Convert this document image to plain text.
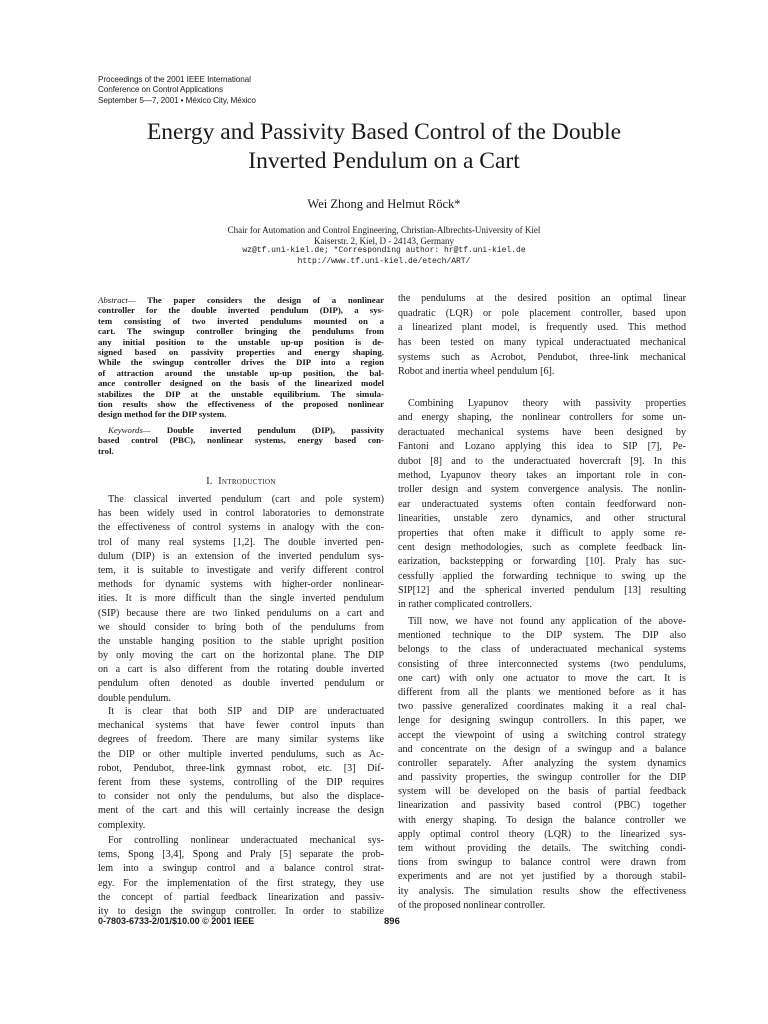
Proceedings of the 2001 IEEE International
Conference on Control Applications
September 5—7, 2001 • México City, México
Energy and Passivity Based Control of the Double
Inverted Pendulum on a Cart
Wei Zhong and Helmut Röck*
Chair for Automation and Control Engineering, Christian-Albrechts-University of Kiel
Kaiserstr. 2, Kiel, D - 24143, Germany
wz@tf.uni-kiel.de; *Corresponding author: hr@tf.uni-kiel.de
http://www.tf.uni-kiel.de/etech/ART/
Abstract— The paper considers the design of a nonlinear
controller for the double inverted pendulum (DIP), a sys-
tem consisting of two inverted pendulums mounted on a
cart. The swingup controller bringing the pendulums from
any initial position to the unstable up-up position is de-
signed based on passivity properties and energy shaping.
While the swingup controller drives the DIP into a region
of attraction around the unstable up-up position, the bal-
ance controller designed on the basis of the linearized model
stabilizes the DIP at the unstable equilibrium. The simula-
tion results show the effectiveness of the proposed nonlinear
design method for the DIP system.
Keywords— Double inverted pendulum (DIP), passivity
based control (PBC), nonlinear systems, energy based con-
trol.
I. Introduction
The classical inverted pendulum (cart and pole system)
has been widely used in control laboratories to demonstrate
the effectiveness of control systems in analogy with the con-
trol of many real systems [1,2]. The double inverted pen-
dulum (DIP) is an extension of the inverted pendulum sys-
tem, it is suitable to investigate and verify different control
methods for dynamic systems with higher-order nonlinear-
ities. It is more difficult than the single inverted pendulum
(SIP) because there are two linked pendulums on a cart and
we should consider to bring both of the pendulums from
the unstable hanging position to the stable upright position
by only moving the cart on the horizontal plane. The DIP
on a cart is also different from the rotating double inverted
pendulum often denoted as double inverted pendulum or
double pendulum.
It is clear that both SIP and DIP are underactuated
mechanical systems that have fewer control inputs than
degrees of freedom. There are many similar systems like
the DIP or other multiple inverted pendulums, such as Ac-
robot, Pendubot, three-link gymnast robot, etc. [3] Dif-
ferent from these systems, controlling of the DIP requires
to consider not only the pendulums, but also the displace-
ment of the cart and this will certainly increase the design
complexity.
For controlling nonlinear underactuated mechanical sys-
tems, Spong [3,4], Spong and Praly [5] separate the prob-
lem into a swingup control and a balance control strat-
egy. For the implementation of the first strategy, they use
the concept of partial feedback linearization and passiv-
ity to design the swingup controller. In order to stabilize
the pendulums at the desired position an optimal linear
quadratic (LQR) or pole placement controller, based upon
a linearized plant model, is frequently used. This method
has been tested on many typical underactuated mechanical
systems such as Acrobot, Pendubot, three-link mechanical
Robot and inertia wheel pendulum [6].
Combining Lyapunov theory with passivity properties
and energy shaping, the nonlinear controllers for some un-
deractuated mechanical systems have been designed by
Fantoni and Lozano applying this idea to SIP [7], Pe-
dubot [8] and to the underactuated hovercraft [9]. In this
method, Lyapunov theory takes an important role in con-
troller design and system convergence analysis. The nonlin-
ear underactuated systems often contain feedforward non-
linearities, unstable zero dynamics, and other structural
properties that often make it difficult to apply some re-
cent design methodologies, such as complete feedback lin-
earization, backstepping or forwarding [10]. Praly has suc-
cessfully applied the forwarding technique to swing up the
SIP[12] and the spherical inverted pendulum [13] resulting
in rather complicated controllers.
Till now, we have not found any application of the above-
mentioned technique to the DIP system. The DIP also
belongs to the class of underactuated mechanical systems
consisting of three interconnected systems (two pendulums,
one cart) with only one actuator to move the cart. It is
different from all the plants we mentioned before as it has
two passive generalized coordinates making it a real chal-
lenge for designing swingup controllers. In this paper, we
accept the viewpoint of using a switching control strategy
and concentrate on the design of a swingup and a balance
controller separately. After analyzing the system dynamics
and passivity properties, the swingup controller for the DIP
system will be developed on the basis of partial feedback
linearization and passivity based control (PBC) together
with energy shaping. To design the balance controller we
apply optimal control theory (LQR) to the linearized sys-
tem without providing the details. The switching condi-
tions from swingup to balance control were drawn from
experiments and are not yet justified by a thorough stabil-
ity analysis. The simulation results show the effectiveness
of the proposed nonlinear controller.
0-7803-6733-2/01/$10.00 © 2001 IEEE	896
